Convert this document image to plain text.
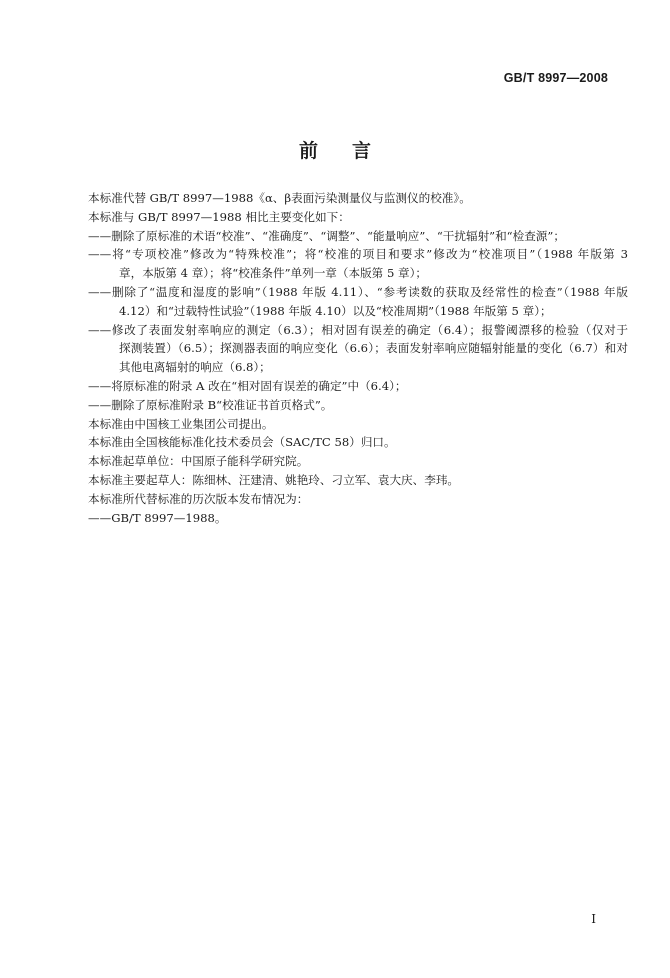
GB/T 8997—2008
前言
本标准代替 GB/T 8997—1988《α、β表面污染测量仪与监测仪的校准》。
本标准与 GB/T 8997—1988 相比主要变化如下：
——删除了原标准的术语“校准”、“准确度”、“调整”、“能量响应”、“干扰辐射”和“检查源”；
——将“专项校准”修改为“特殊校准”；将“校准的项目和要求”修改为“校准项目”（1988 年版第 3
章，本版第 4 章）；将“校准条件”单列一章（本版第 5 章）；
——删除了“温度和湿度的影响”（1988 年版 4.11）、“参考读数的获取及经常性的检查”（1988 年版
4.12）和“过载特性试验”（1988 年版 4.10）以及“校准周期”（1988 年版第 5 章）；
——修改了表面发射率响应的测定（6.3）；相对固有误差的确定（6.4）；报警阈漂移的检验（仅对于
探测装置）（6.5）；探测器表面的响应变化（6.6）；表面发射率响应随辐射能量的变化（6.7）和对
其他电离辐射的响应（6.8）；
——将原标准的附录 A 改在“相对固有误差的确定”中（6.4）；
——删除了原标准附录 B“校准证书首页格式”。
本标准由中国核工业集团公司提出。
本标准由全国核能标准化技术委员会（SAC/TC 58）归口。
本标准起草单位：中国原子能科学研究院。
本标准主要起草人：陈细林、汪建清、姚艳玲、刁立军、袁大庆、李玮。
本标准所代替标准的历次版本发布情况为：
——GB/T 8997—1988。
I
